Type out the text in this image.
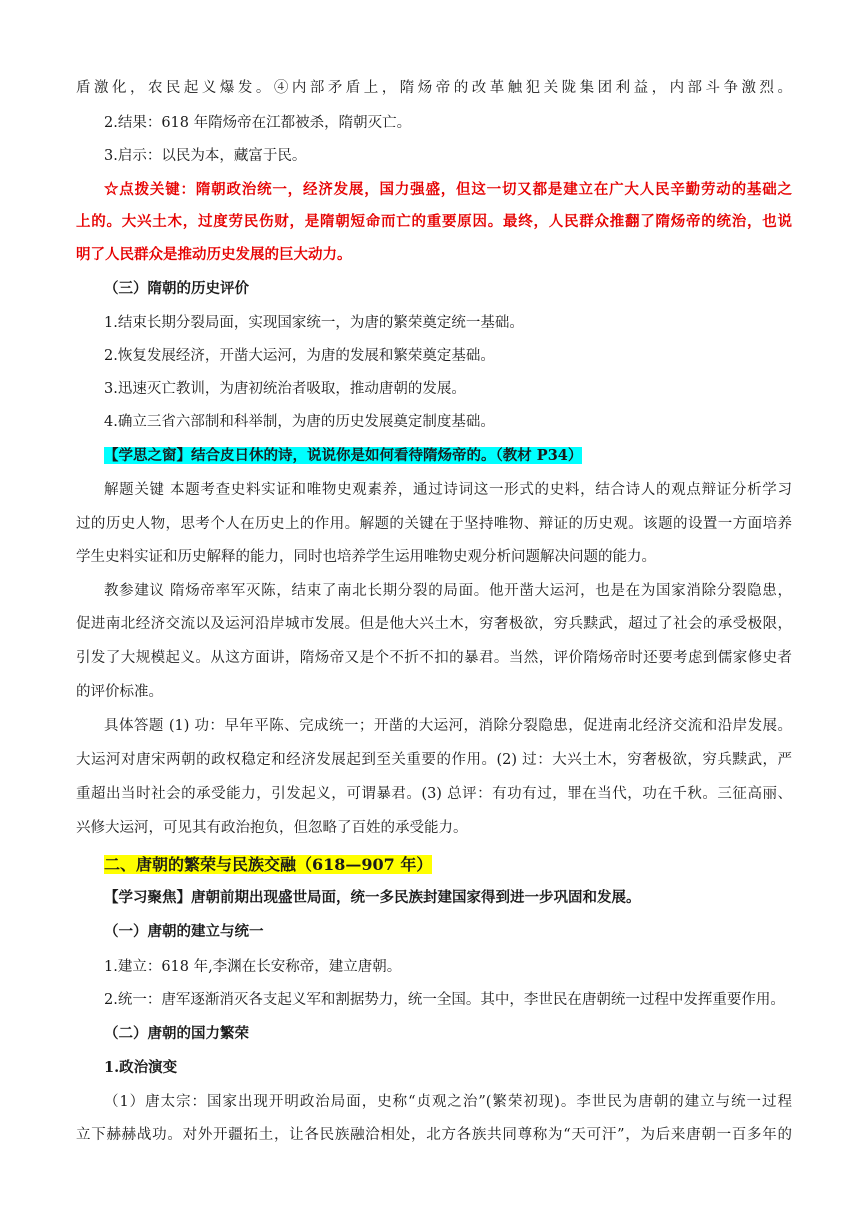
盾激化，农民起义爆发。④内部矛盾上，隋炀帝的改革触犯关陇集团利益，内部斗争激烈。
2.结果：618 年隋炀帝在江都被杀，隋朝灭亡。
3.启示：以民为本，藏富于民。
☆点拨关键：隋朝政治统一，经济发展，国力强盛，但这一切又都是建立在广大人民辛勤劳动的基础之
上的。大兴土木，过度劳民伤财，是隋朝短命而亡的重要原因。最终，人民群众推翻了隋炀帝的统治，也说
明了人民群众是推动历史发展的巨大动力。
（三）隋朝的历史评价
1.结束长期分裂局面，实现国家统一，为唐的繁荣奠定统一基础。
2.恢复发展经济，开凿大运河，为唐的发展和繁荣奠定基础。
3.迅速灭亡教训，为唐初统治者吸取，推动唐朝的发展。
4.确立三省六部制和科举制，为唐的历史发展奠定制度基础。
【学思之窗】结合皮日休的诗，说说你是如何看待隋炀帝的。（教材 P34）
解题关键 本题考查史料实证和唯物史观素养，通过诗词这一形式的史料，结合诗人的观点辩证分析学习
过的历史人物，思考个人在历史上的作用。解题的关键在于坚持唯物、辩证的历史观。该题的设置一方面培养
学生史料实证和历史解释的能力，同时也培养学生运用唯物史观分析问题解决问题的能力。
教参建议 隋炀帝率军灭陈，结束了南北长期分裂的局面。他开凿大运河，也是在为国家消除分裂隐患，
促进南北经济交流以及运河沿岸城市发展。但是他大兴土木，穷奢极欲，穷兵黩武，超过了社会的承受极限，
引发了大规模起义。从这方面讲，隋炀帝又是个不折不扣的暴君。当然，评价隋炀帝时还要考虑到儒家修史者
的评价标准。
具体答题 (1) 功：早年平陈、完成统一；开凿的大运河，消除分裂隐患，促进南北经济交流和沿岸发展。
大运河对唐宋两朝的政权稳定和经济发展起到至关重要的作用。(2) 过：大兴土木，穷奢极欲，穷兵黩武，严
重超出当时社会的承受能力，引发起义，可谓暴君。(3) 总评：有功有过，罪在当代，功在千秋。三征高丽、
兴修大运河，可见其有政治抱负，但忽略了百姓的承受能力。
二、唐朝的繁荣与民族交融（618—907 年）
【学习聚焦】唐朝前期出现盛世局面，统一多民族封建国家得到进一步巩固和发展。
（一）唐朝的建立与统一
1.建立：618 年,李渊在长安称帝，建立唐朝。
2.统一：唐军逐渐消灭各支起义军和割据势力，统一全国。其中，李世民在唐朝统一过程中发挥重要作用。
（二）唐朝的国力繁荣
1.政治演变
（1）唐太宗：国家出现开明政治局面，史称“贞观之治”(繁荣初现)。李世民为唐朝的建立与统一过程
立下赫赫战功。对外开疆拓土，让各民族融洽相处，北方各族共同尊称为“天可汗”，为后来唐朝一百多年的
